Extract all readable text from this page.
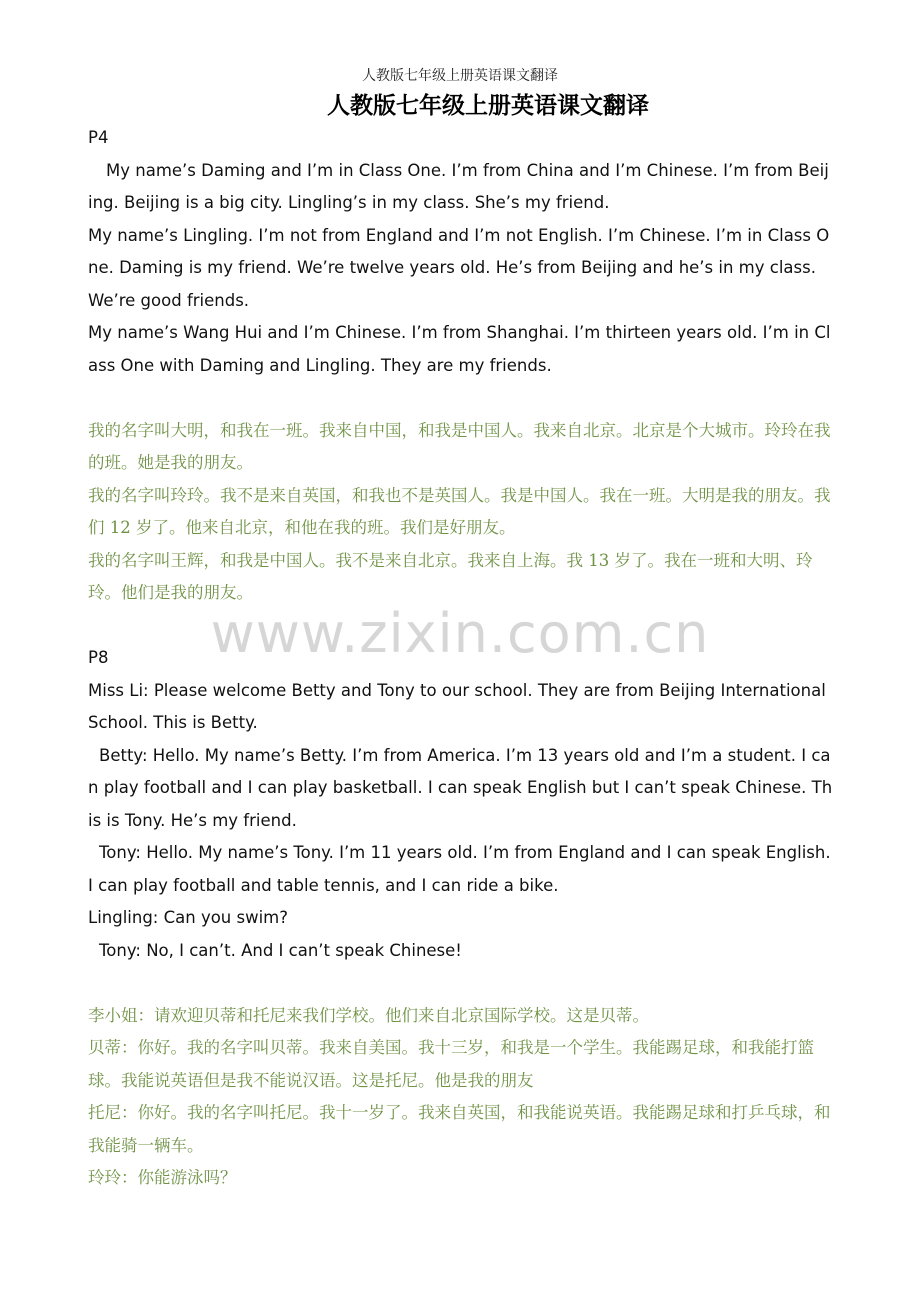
人教版七年级上册英语课文翻译
人教版七年级上册英语课文翻译

P4

My name’s Daming and I’m in Class One. I’m from China and I’m Chinese. I’m from Beijing. Beijing is a big city. Lingling’s in my class. She’s my friend.

My name’s Lingling. I’m not from England and I’m not English. I’m Chinese. I’m in Class One. Daming is my friend. We’re twelve years old. He’s from Beijing and he’s in my class. We’re good friends.

My name’s Wang Hui and I’m Chinese. I’m from Shanghai. I’m thirteen years old. I’m in Class One with Daming and Lingling. They are my friends.

我的名字叫大明，和我在一班。我来自中国，和我是中国人。我来自北京。北京是个大城市。玲玲在我的班。她是我的朋友。

我的名字叫玲玲。我不是来自英国，和我也不是英国人。我是中国人。我在一班。大明是我的朋友。我们 12 岁了。他来自北京，和他在我的班。我们是好朋友。

我的名字叫王辉，和我是中国人。我不是来自北京。我来自上海。我 13 岁了。我在一班和大明、玲玲。他们是我的朋友。

P8

Miss Li: Please welcome Betty and Tony to our school. They are from Beijing International School. This is Betty.

Betty: Hello. My name’s Betty. I’m from America. I’m 13 years old and I’m a student. I can play football and I can play basketball. I can speak English but I can’t speak Chinese. This is Tony. He’s my friend.

Tony: Hello. My name’s Tony. I’m 11 years old. I’m from England and I can speak English. I can play football and table tennis, and I can ride a bike.

Lingling: Can you swim?

Tony: No, I can’t. And I can’t speak Chinese!

李小姐：请欢迎贝蒂和托尼来我们学校。他们来自北京国际学校。这是贝蒂。

贝蒂：你好。我的名字叫贝蒂。我来自美国。我十三岁，和我是一个学生。我能踢足球，和我能打篮球。我能说英语但是我不能说汉语。这是托尼。他是我的朋友

托尼：你好。我的名字叫托尼。我十一岁了。我来自英国，和我能说英语。我能踢足球和打乒乓球，和我能骑一辆车。

玲玲：你能游泳吗？

www.zixin.com.cn
